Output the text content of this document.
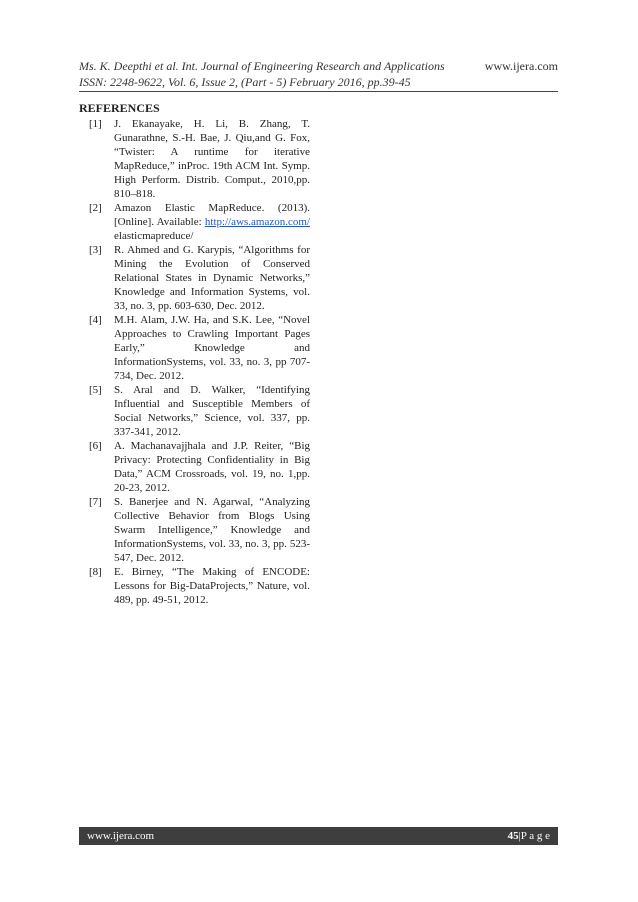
Ms. K. Deepthi et al. Int. Journal of Engineering Research and Applications
ISSN: 2248-9622, Vol. 6, Issue 2, (Part - 5) February 2016, pp.39-45
www.ijera.com
REFERENCES
[1] J. Ekanayake, H. Li, B. Zhang, T. Gunarathne, S.-H. Bae, J. Qiu,and G. Fox, “Twister: A runtime for iterative MapReduce,” inProc. 19th ACM Int. Symp. High Perform. Distrib. Comput., 2010,pp. 810–818.
[2] Amazon Elastic MapReduce. (2013). [Online]. Available: http://aws.amazon.com/ elasticmapreduce/
[3] R. Ahmed and G. Karypis, “Algorithms for Mining the Evolution of Conserved Relational States in Dynamic Networks,” Knowledge and Information Systems, vol. 33, no. 3, pp. 603-630, Dec. 2012.
[4] M.H. Alam, J.W. Ha, and S.K. Lee, “Novel Approaches to Crawling Important Pages Early,” Knowledge and InformationSystems, vol. 33, no. 3, pp 707-734, Dec. 2012.
[5] S. Aral and D. Walker, “Identifying Influential and Susceptible Members of Social Networks,” Science, vol. 337, pp. 337-341, 2012.
[6] A. Machanavajjhala and J.P. Reiter, “Big Privacy: Protecting Confidentiality in Big Data,” ACM Crossroads, vol. 19, no. 1,pp. 20-23, 2012.
[7] S. Banerjee and N. Agarwal, “Analyzing Collective Behavior from Blogs Using Swarm Intelligence,” Knowledge and InformationSystems, vol. 33, no. 3, pp. 523-547, Dec. 2012.
[8] E. Birney, “The Making of ENCODE: Lessons for Big-DataProjects,” Nature, vol. 489, pp. 49-51, 2012.
www.ijera.com	45|P a g e
